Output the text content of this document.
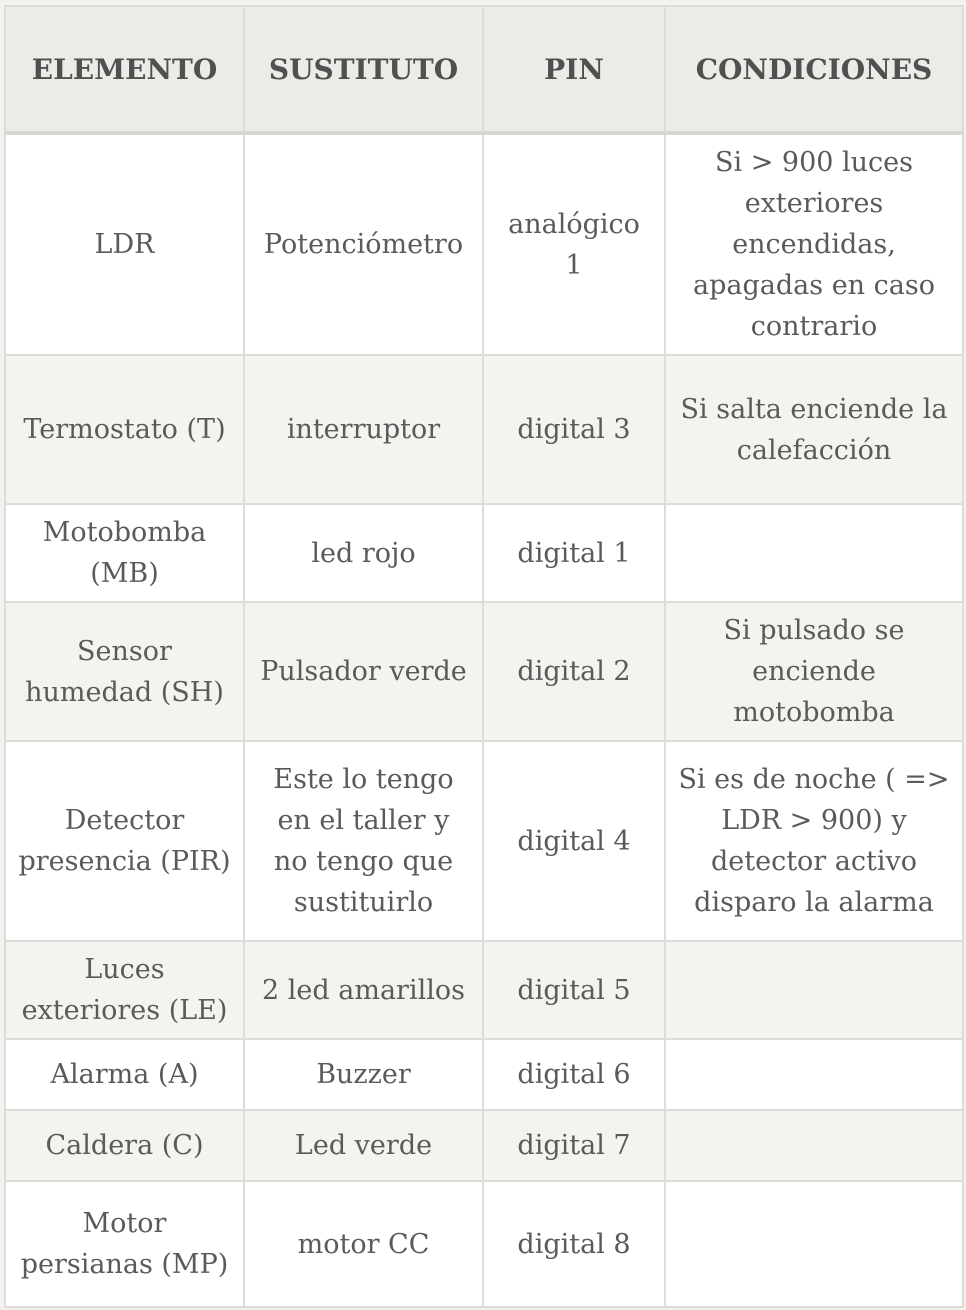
ELEMENTO	SUSTITUTO	PIN	CONDICIONES
LDR	Potenciómetro	analógico 1	Si > 900 luces exteriores encendidas, apagadas en caso contrario
Termostato (T)	interruptor	digital 3	Si salta enciende la calefacción
Motobomba (MB)	led rojo	digital 1	
Sensor humedad (SH)	Pulsador verde	digital 2	Si pulsado se enciende motobomba
Detector presencia (PIR)	Este lo tengo en el taller y no tengo que sustituirlo	digital 4	Si es de noche ( => LDR > 900) y detector activo disparo la alarma
Luces exteriores (LE)	2 led amarillos	digital 5	
Alarma (A)	Buzzer	digital 6	
Caldera (C)	Led verde	digital 7	
Motor persianas (MP)	motor CC	digital 8	
